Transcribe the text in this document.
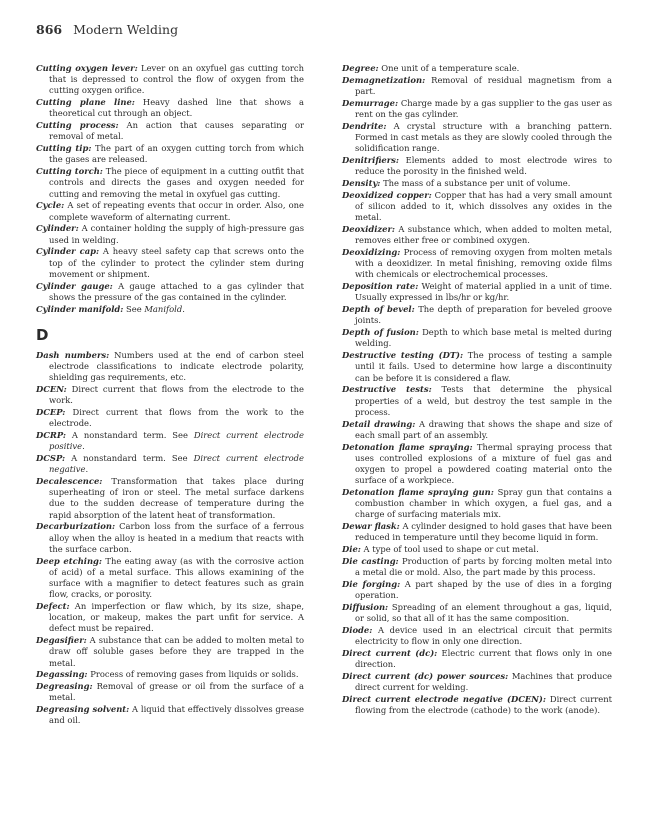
866 Modern Welding

Cutting oxygen lever: Lever on an oxyfuel gas cutting torch that is depressed to control the flow of oxygen from the cutting oxygen orifice.

Cutting plane line: Heavy dashed line that shows a theoretical cut through an object.

Cutting process: An action that causes separating or removal of metal.

Cutting tip: The part of an oxygen cutting torch from which the gases are released.

Cutting torch: The piece of equipment in a cutting outfit that controls and directs the gases and oxygen needed for cutting and removing the metal in oxyfuel gas cutting.

Cycle: A set of repeating events that occur in order. Also, one complete waveform of alternating current.

Cylinder: A container holding the supply of high-pressure gas used in welding.

Cylinder cap: A heavy steel safety cap that screws onto the top of the cylinder to protect the cylinder stem during movement or shipment.

Cylinder gauge: A gauge attached to a gas cylinder that shows the pressure of the gas contained in the cylinder.

Cylinder manifold: See Manifold.

D

Dash numbers: Numbers used at the end of carbon steel electrode classifications to indicate electrode polarity, shielding gas requirements, etc.

DCEN: Direct current that flows from the electrode to the work.

DCEP: Direct current that flows from the work to the electrode.

DCRP: A nonstandard term. See Direct current electrode positive.

DCSP: A nonstandard term. See Direct current electrode negative.

Decalescence: Transformation that takes place during superheating of iron or steel. The metal surface darkens due to the sudden decrease of temperature during the rapid absorption of the latent heat of transformation.

Decarburization: Carbon loss from the surface of a ferrous alloy when the alloy is heated in a medium that reacts with the surface carbon.

Deep etching: The eating away (as with the corrosive action of acid) of a metal surface. This allows examining of the surface with a magnifier to detect features such as grain flow, cracks, or porosity.

Defect: An imperfection or flaw which, by its size, shape, location, or makeup, makes the part unfit for service. A defect must be repaired.

Degasifier: A substance that can be added to molten metal to draw off soluble gases before they are trapped in the metal.

Degassing: Process of removing gases from liquids or solids.

Degreasing: Removal of grease or oil from the surface of a metal.

Degreasing solvent: A liquid that effectively dissolves grease and oil.

Degree: One unit of a temperature scale.

Demagnetization: Removal of residual magnetism from a part.

Demurrage: Charge made by a gas supplier to the gas user as rent on the gas cylinder.

Dendrite: A crystal structure with a branching pattern. Formed in cast metals as they are slowly cooled through the solidification range.

Denitrifiers: Elements added to most electrode wires to reduce the porosity in the finished weld.

Density: The mass of a substance per unit of volume.

Deoxidized copper: Copper that has had a very small amount of silicon added to it, which dissolves any oxides in the metal.

Deoxidizer: A substance which, when added to molten metal, removes either free or combined oxygen.

Deoxidizing: Process of removing oxygen from molten metals with a deoxidizer. In metal finishing, removing oxide films with chemicals or electrochemical processes.

Deposition rate: Weight of material applied in a unit of time. Usually expressed in lbs/hr or kg/hr.

Depth of bevel: The depth of preparation for beveled groove joints.

Depth of fusion: Depth to which base metal is melted during welding.

Destructive testing (DT): The process of testing a sample until it fails. Used to determine how large a discontinuity can be before it is considered a flaw.

Destructive tests: Tests that determine the physical properties of a weld, but destroy the test sample in the process.

Detail drawing: A drawing that shows the shape and size of each small part of an assembly.

Detonation flame spraying: Thermal spraying process that uses controlled explosions of a mixture of fuel gas and oxygen to propel a powdered coating material onto the surface of a workpiece.

Detonation flame spraying gun: Spray gun that contains a combustion chamber in which oxygen, a fuel gas, and a charge of surfacing materials mix.

Dewar flask: A cylinder designed to hold gases that have been reduced in temperature until they become liquid in form.

Die: A type of tool used to shape or cut metal.

Die casting: Production of parts by forcing molten metal into a metal die or mold. Also, the part made by this process.

Die forging: A part shaped by the use of dies in a forging operation.

Diffusion: Spreading of an element throughout a gas, liquid, or solid, so that all of it has the same composition.

Diode: A device used in an electrical circuit that permits electricity to flow in only one direction.

Direct current (dc): Electric current that flows only in one direction.

Direct current (dc) power sources: Machines that produce direct current for welding.

Direct current electrode negative (DCEN): Direct current flowing from the electrode (cathode) to the work (anode).
